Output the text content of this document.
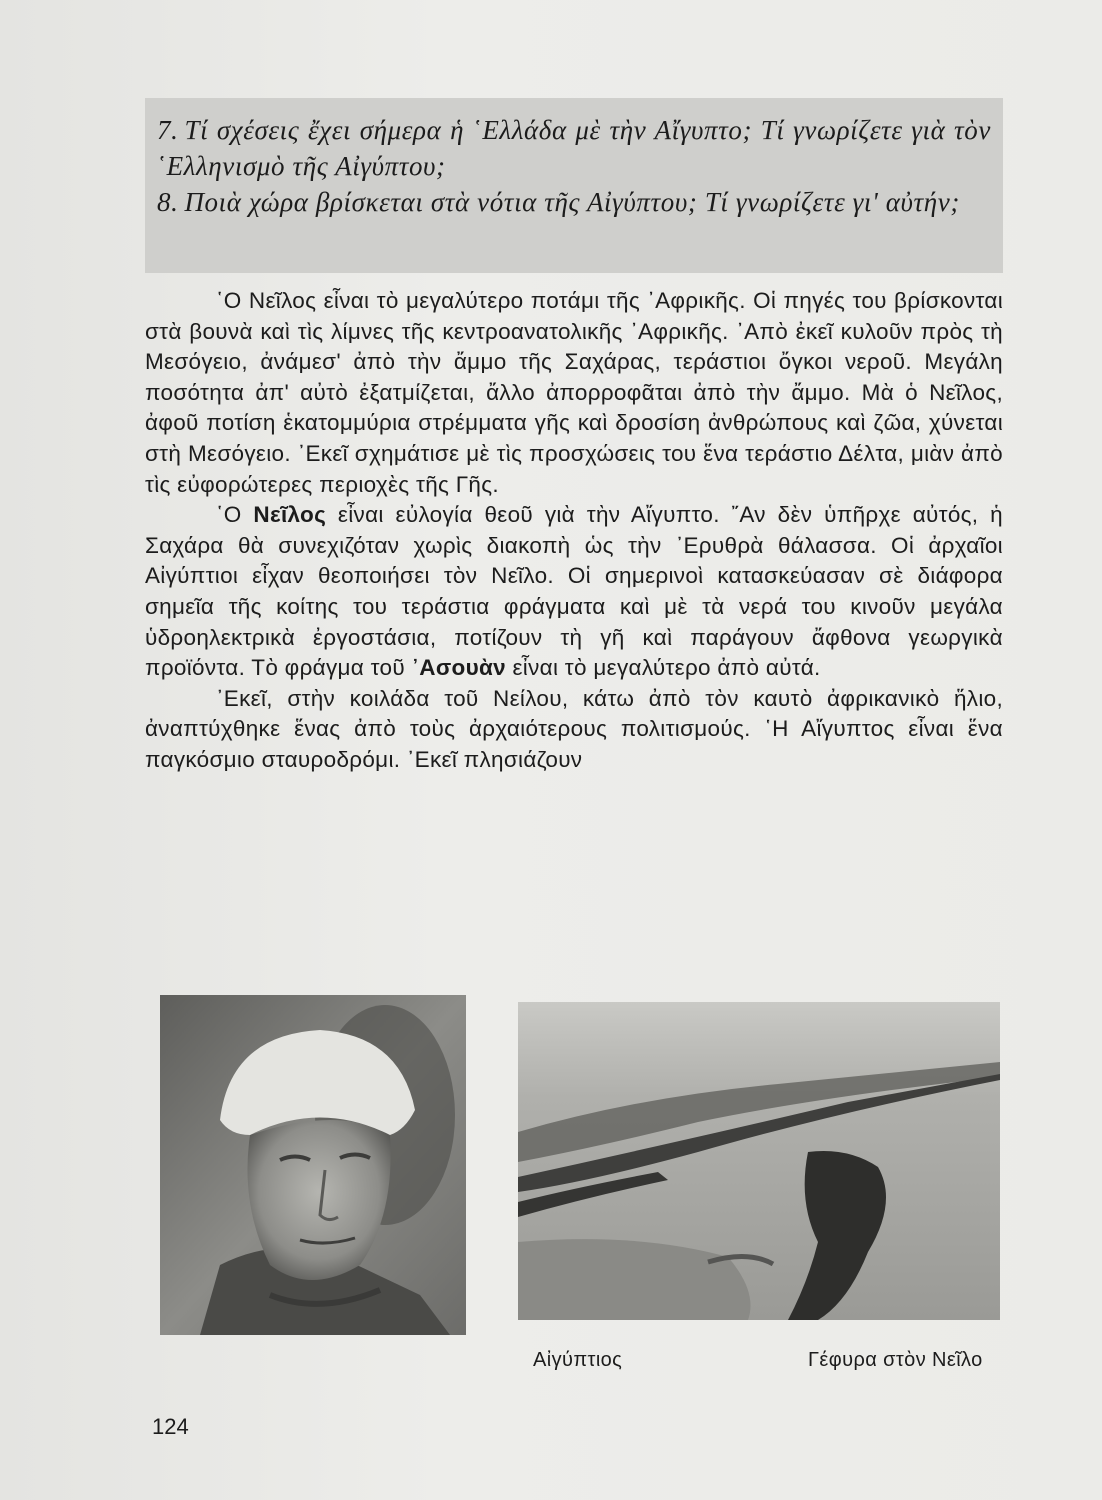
7. Τί σχέσεις ἔχει σήμερα ἡ ῾Ελλάδα μὲ τὴν Αἴγυπτο; Τί γνωρίζετε γιὰ τὸν ῾Ελληνισμὸ τῆς Αἰγύπτου;

8. Ποιὰ χώρα βρίσκεται στὰ νότια τῆς Αἰγύπτου; Τί γνωρίζετε γι' αὐτήν;

῾Ο Νεῖλος εἶναι τὸ μεγαλύτερο ποτάμι τῆς ᾿Αφρικῆς. Οἱ πηγές του βρίσκονται στὰ βουνὰ καὶ τὶς λίμνες τῆς κεντροανατολικῆς ᾿Αφρικῆς. ᾿Απὸ ἐκεῖ κυλοῦν πρὸς τὴ Μεσόγειο, ἀνάμεσ' ἀπὸ τὴν ἄμμο τῆς Σαχάρας, τεράστιοι ὄγκοι νεροῦ. Μεγάλη ποσότητα ἀπ' αὐτὸ ἐξατμίζεται, ἄλλο ἀπορροφᾶται ἀπὸ τὴν ἄμμο. Μὰ ὁ Νεῖλος, ἀφοῦ ποτίση ἑκατομμύρια στρέμματα γῆς καὶ δροσίση ἀνθρώπους καὶ ζῶα, χύνεται στὴ Μεσόγειο. ᾿Εκεῖ σχημάτισε μὲ τὶς προσχώσεις του ἕνα τεράστιο Δέλτα, μιὰν ἀπὸ τὶς εὐφορώτερες περιοχὲς τῆς Γῆς.

῾Ο Νεῖλος εἶναι εὐλογία θεοῦ γιὰ τὴν Αἴγυπτο. ῎Αν δὲν ὑπῆρχε αὐτός, ἡ Σαχάρα θὰ συνεχιζόταν χωρὶς διακοπὴ ὡς τὴν ᾿Ερυθρὰ θάλασσα. Οἱ ἀρχαῖοι Αἰγύπτιοι εἶχαν θεοποιήσει τὸν Νεῖλο. Οἱ σημερινοὶ κατασκεύασαν σὲ διάφορα σημεῖα τῆς κοίτης του τεράστια φράγματα καὶ μὲ τὰ νερά του κινοῦν μεγάλα ὑδροηλεκτρικὰ ἐργοστάσια, ποτίζουν τὴ γῆ καὶ παράγουν ἄφθονα γεωργικὰ προϊόντα. Τὸ φράγμα τοῦ ᾿Ασουὰν εἶναι τὸ μεγαλύτερο ἀπὸ αὐτά.

᾿Εκεῖ, στὴν κοιλάδα τοῦ Νείλου, κάτω ἀπὸ τὸν καυτὸ ἀφρικανικὸ ἥλιο, ἀναπτύχθηκε ἕνας ἀπὸ τοὺς ἀρχαιότερους πολιτισμούς. ῾Η Αἴγυπτος εἶναι ἕνα παγκόσμιο σταυροδρόμι. ᾿Εκεῖ πλησιάζουν

Αἰγύπτιος	Γέφυρα στὸν Νεῖλο
124
